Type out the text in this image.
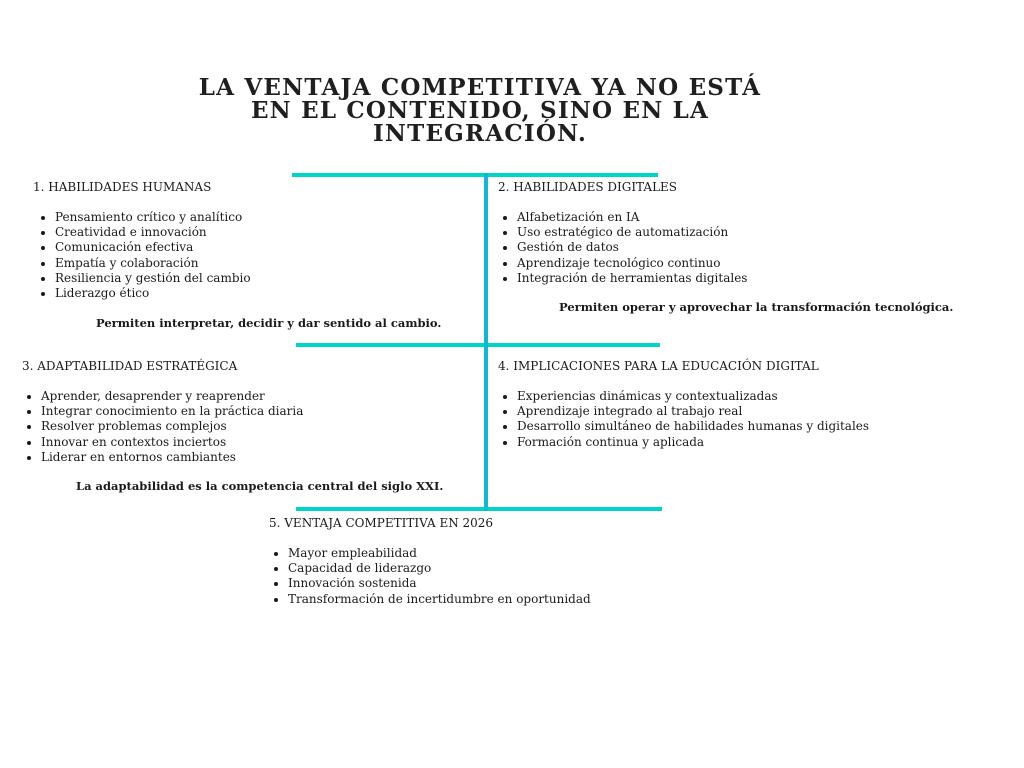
LA VENTAJA COMPETITIVA YA NO ESTÁ
EN EL CONTENIDO, SINO EN LA
INTEGRACIÓN.
1. HABILIDADES HUMANAS
Pensamiento crítico y analítico
Creatividad e innovación
Comunicación efectiva
Empatía y colaboración
Resiliencia y gestión del cambio
Liderazgo ético
Permiten interpretar, decidir y dar sentido al cambio.
2. HABILIDADES DIGITALES
Alfabetización en IA
Uso estratégico de automatización
Gestión de datos
Aprendizaje tecnológico continuo
Integración de herramientas digitales
Permiten operar y aprovechar la transformación tecnológica.
3. ADAPTABILIDAD ESTRATÉGICA
Aprender, desaprender y reaprender
Integrar conocimiento en la práctica diaria
Resolver problemas complejos
Innovar en contextos inciertos
Liderar en entornos cambiantes
La adaptabilidad es la competencia central del siglo XXI.
4. IMPLICACIONES PARA LA EDUCACIÓN DIGITAL
Experiencias dinámicas y contextualizadas
Aprendizaje integrado al trabajo real
Desarrollo simultáneo de habilidades humanas y digitales
Formación continua y aplicada
5. VENTAJA COMPETITIVA EN 2026
Mayor empleabilidad
Capacidad de liderazgo
Innovación sostenida
Transformación de incertidumbre en oportunidad
